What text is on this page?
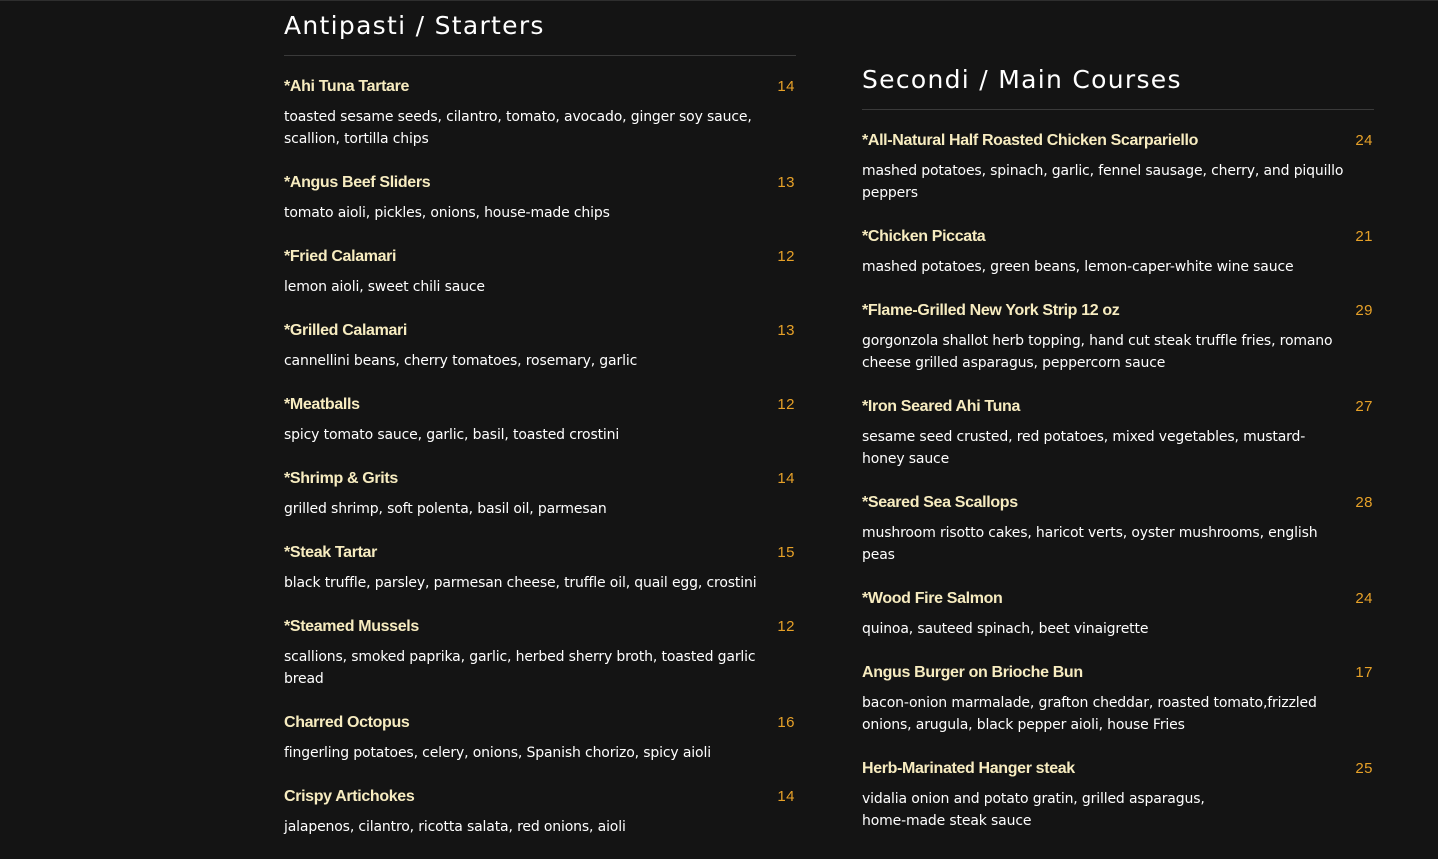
Antipasti / Starters
*Ahi Tuna Tartare	14

toasted sesame seeds, cilantro, tomato, avocado, ginger soy sauce,
scallion, tortilla chips

*Angus Beef Sliders	13

tomato aioli, pickles, onions, house-made chips

*Fried Calamari	12

lemon aioli, sweet chili sauce

*Grilled Calamari	13

cannellini beans, cherry tomatoes, rosemary, garlic

*Meatballs	12

spicy tomato sauce, garlic, basil, toasted crostini

*Shrimp & Grits	14

grilled shrimp, soft polenta, basil oil, parmesan

*Steak Tartar	15

black truffle, parsley, parmesan cheese, truffle oil, quail egg, crostini

*Steamed Mussels	12

scallions, smoked paprika, garlic, herbed sherry broth, toasted garlic
bread

Charred Octopus	16

fingerling potatoes, celery, onions, Spanish chorizo, spicy aioli

Crispy Artichokes	14

jalapenos, cilantro, ricotta salata, red onions, aioli

Secondi / Main Courses
*All-Natural Half Roasted Chicken Scarpariello	24

mashed potatoes, spinach, garlic, fennel sausage, cherry, and piquillo
peppers

*Chicken Piccata	21

mashed potatoes, green beans, lemon-caper-white wine sauce

*Flame-Grilled New York Strip 12 oz	29

gorgonzola shallot herb topping, hand cut steak truffle fries, romano
cheese grilled asparagus, peppercorn sauce

*Iron Seared Ahi Tuna	27

sesame seed crusted, red potatoes, mixed vegetables, mustard-
honey sauce

*Seared Sea Scallops	28

mushroom risotto cakes, haricot verts, oyster mushrooms, english
peas

*Wood Fire Salmon	24

quinoa, sauteed spinach, beet vinaigrette

Angus Burger on Brioche Bun	17

bacon-onion marmalade, grafton cheddar, roasted tomato,frizzled
onions, arugula, black pepper aioli, house Fries

Herb-Marinated Hanger steak	25

vidalia onion and potato gratin, grilled asparagus,
home-made steak sauce
